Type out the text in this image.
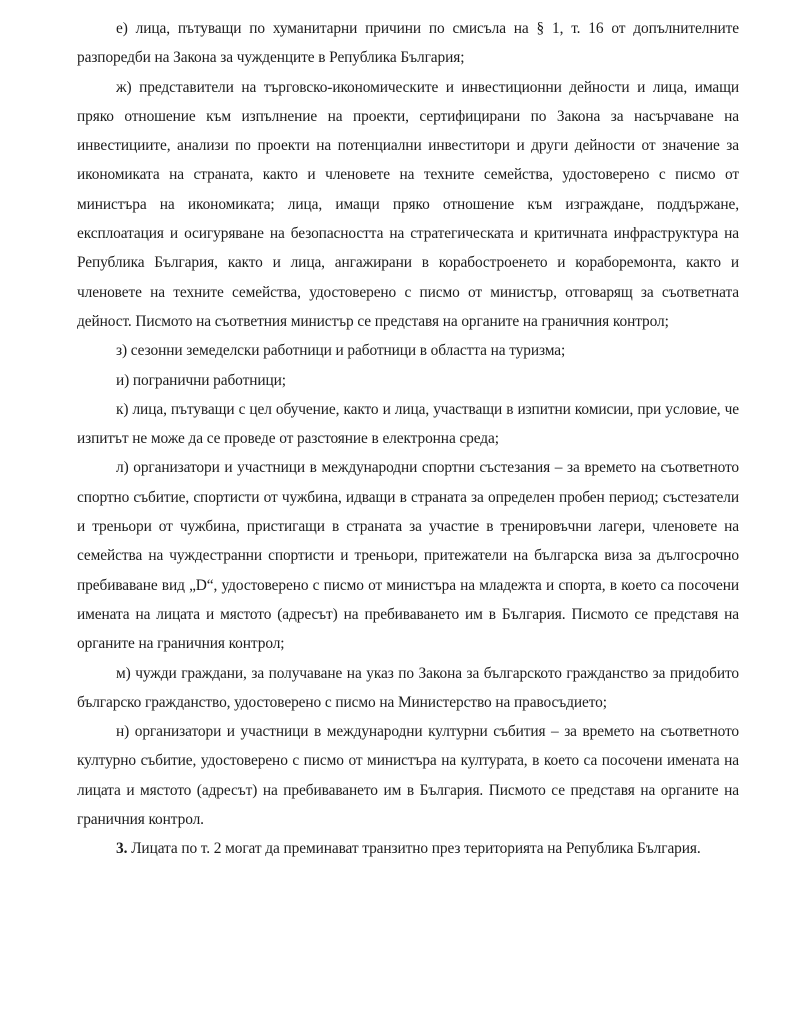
е) лица, пътуващи по хуманитарни причини по смисъла на § 1, т. 16 от допълнителните разпоредби на Закона за чужденците в Република България;

ж) представители на търговско-икономическите и инвестиционни дейности и лица, имащи пряко отношение към изпълнение на проекти, сертифицирани по Закона за насърчаване на инвестициите, анализи по проекти на потенциални инвеститори и други дейности от значение за икономиката на страната, както и членовете на техните семейства, удостоверено с писмо от министъра на икономиката; лица, имащи пряко отношение към изграждане, поддържане, експлоатация и осигуряване на безопасността на стратегическата и критичната инфраструктура на Република България, както и лица, ангажирани в корабостроенето и кораборемонта, както и членовете на техните семейства, удостоверено с писмо от министър, отговарящ за съответната дейност. Писмото на съответния министър се представя на органите на граничния контрол;

з) сезонни земеделски работници и работници в областта на туризма;

и) погранични работници;

к) лица, пътуващи с цел обучение, както и лица, участващи в изпитни комисии, при условие, че изпитът не може да се проведе от разстояние в електронна среда;

л) организатори и участници в международни спортни състезания – за времето на съответното спортно събитие, спортисти от чужбина, идващи в страната за определен пробен период; състезатели и треньори от чужбина, пристигащи в страната за участие в тренировъчни лагери, членовете на семейства на чуждестранни спортисти и треньори, притежатели на българска виза за дългосрочно пребиваване вид „D“, удостоверено с писмо от министъра на младежта и спорта, в което са посочени имената на лицата и мястото (адресът) на пребиваването им в България. Писмото се представя на органите на граничния контрол;

м) чужди граждани, за получаване на указ по Закона за българското гражданство за придобито българско гражданство, удостоверено с писмо на Министерство на правосъдието;

н) организатори и участници в международни културни събития – за времето на съответното културно събитие, удостоверено с писмо от министъра на културата, в което са посочени имената на лицата и мястото (адресът) на пребиваването им в България. Писмото се представя на органите на граничния контрол.

3. Лицата по т. 2 могат да преминават транзитно през територията на Република България.
